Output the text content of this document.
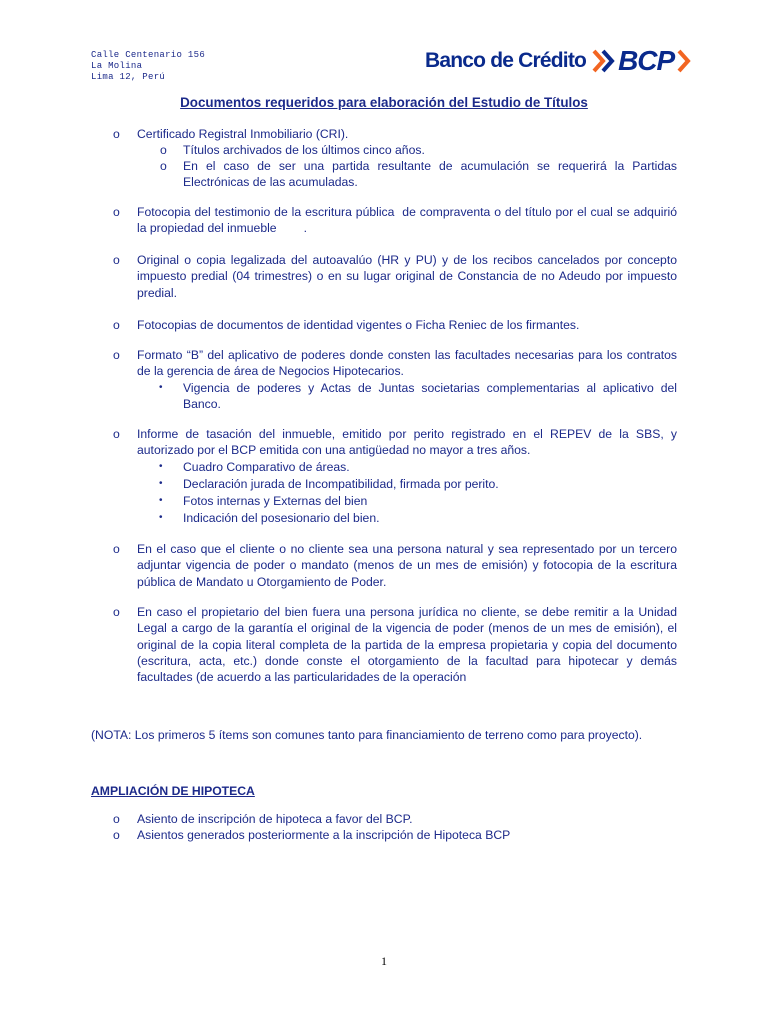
Calle Centenario 156
La Molina
Lima 12, Perú
Banco de Crédito BCP
Documentos requeridos para elaboración del Estudio de Títulos
o Certificado Registral Inmobiliario (CRI).
o Títulos archivados de los últimos cinco años.
o En el caso de ser una partida resultante de acumulación se requerirá la Partidas Electrónicas de las acumuladas.
o Fotocopia del testimonio de la escritura pública  de compraventa o del título por el cual se adquirió la propiedad del inmueble        .
o Original o copia legalizada del autoavalúo (HR y PU) y de los recibos cancelados por concepto impuesto predial (04 trimestres) o en su lugar original de Constancia de no Adeudo por impuesto predial.
o Fotocopias de documentos de identidad vigentes o Ficha Reniec de los firmantes.
o Formato “B” del aplicativo de poderes donde consten las facultades necesarias para los contratos de la gerencia de área de Negocios Hipotecarios.
• Vigencia de poderes y Actas de Juntas societarias complementarias al aplicativo del Banco.
o Informe de tasación del inmueble, emitido por perito registrado en el REPEV de la SBS, y autorizado por el BCP emitida con una antigüedad no mayor a tres años.
• Cuadro Comparativo de áreas.
• Declaración jurada de Incompatibilidad, firmada por perito.
• Fotos internas y Externas del bien
• Indicación del posesionario del bien.
o En el caso que el cliente o no cliente sea una persona natural y sea representado por un tercero adjuntar vigencia de poder o mandato (menos de un mes de emisión) y fotocopia de la escritura pública de Mandato u Otorgamiento de Poder.
o En caso el propietario del bien fuera una persona jurídica no cliente, se debe remitir a la Unidad Legal a cargo de la garantía el original de la vigencia de poder (menos de un mes de emisión), el original de la copia literal completa de la partida de la empresa propietaria y copia del documento (escritura, acta, etc.) donde conste el otorgamiento de la facultad para hipotecar y demás facultades (de acuerdo a las particularidades de la operación
(NOTA: Los primeros 5 ítems son comunes tanto para financiamiento de terreno como para proyecto).
AMPLIACIÓN DE HIPOTECA
o Asiento de inscripción de hipoteca a favor del BCP.
o Asientos generados posteriormente a la inscripción de Hipoteca BCP
1
